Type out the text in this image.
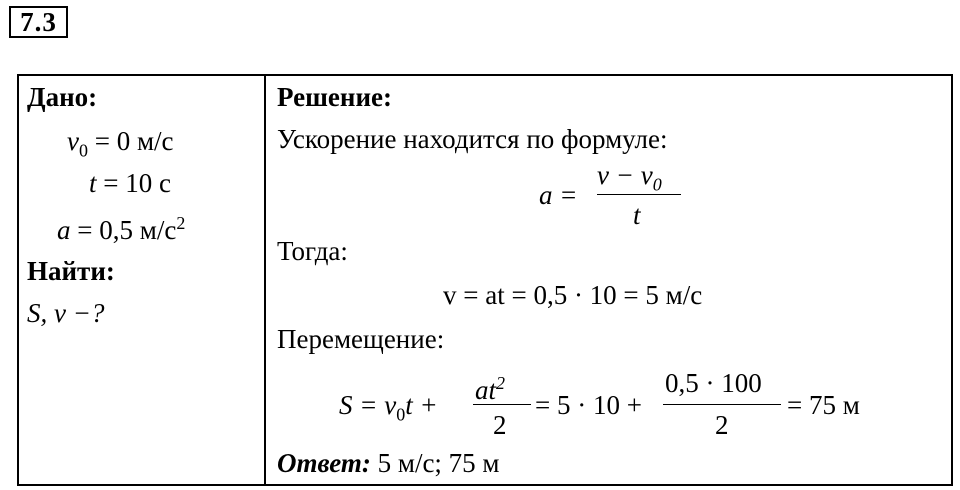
7.3
Дано:
$v_0 = 0$ м/с
t = 10 с
a = 0,5 $м/с^2$
Найти:
S, v −?
Решение:
Ускорение находится по формуле:
a =
$v - v_0$
t
Тогда:
v = at = 0,5 · 10 = 5 м/с
Перемещение:
$S = v_0t + at^2$
2
= 5 · 10 +
0,5 · 100
2
= 75 м
Ответ: 5 м/с; 75 м
